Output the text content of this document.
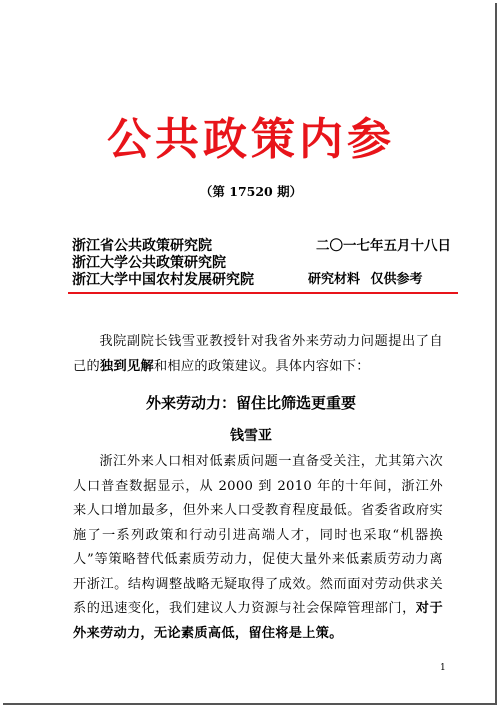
公共政策内参
（第 17520 期）
浙江省公共政策研究院	二〇一七年五月十八日
浙江大学公共政策研究院
浙江大学中国农村发展研究院	研究材料 仅供参考
我院副院长钱雪亚教授针对我省外来劳动力问题提出了自己的独到见解和相应的政策建议。具体内容如下：
外来劳动力：留住比筛选更重要
钱雪亚
浙江外来人口相对低素质问题一直备受关注，尤其第六次人口普查数据显示，从 2000 到 2010 年的十年间，浙江外来人口增加最多，但外来人口受教育程度最低。省委省政府实施了一系列政策和行动引进高端人才，同时也采取“机器换人”等策略替代低素质劳动力，促使大量外来低素质劳动力离开浙江。结构调整战略无疑取得了成效。然而面对劳动供求关系的迅速变化，我们建议人力资源与社会保障管理部门，对于外来劳动力，无论素质高低，留住将是上策。
1
